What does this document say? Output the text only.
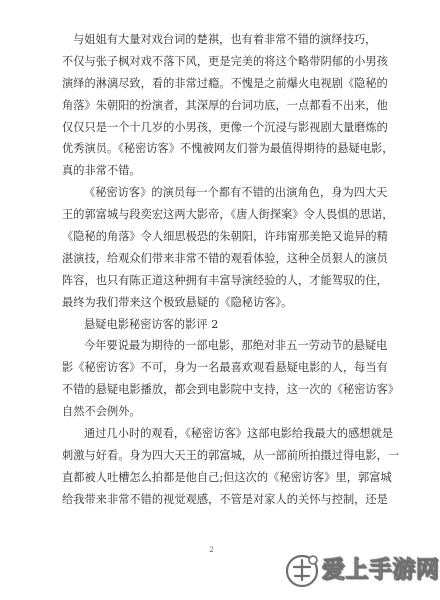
与姐姐有大量对戏台词的楚祺，也有着非常不错的演绎技巧，
不仅与张子枫对戏不落下风，更是完美的将这个略带阴郁的小男孩
演绎的淋漓尽致，看的非常过瘾。不愧是之前爆火电视剧《隐秘的
角落》朱朝阳的扮演者，其深厚的台词功底，一点都看不出来，他
仅仅只是一个十几岁的小男孩，更像一个沉浸与影视剧大量磨炼的
优秀演员。《秘密访客》不愧被网友们誉为最值得期待的悬疑电影，
真的非常不错。
《秘密访客》的演员每一个都有不错的出演角色，身为四大天
王的郭富城与段奕宏这两大影帝，《唐人街探案》令人畏惧的思诺，
《隐秘的角落》令人细思极恐的朱朝阳，许玮甯那美艳又诡异的精
湛演技，给观众们带来非常不错的观看体验，这种全员狠人的演员
阵容，也只有陈正道这种拥有丰富导演经验的人，才能驾驭的住，
最终为我们带来这个极致悬疑的《隐秘访客》。
悬疑电影秘密访客的影评 2
今年要说最为期待的一部电影，那绝对非五一劳动节的悬疑电
影《秘密访客》不可，身为一名最喜欢观看悬疑电影的人，每当有
不错的悬疑电影播放，都会到电影院中支持，这一次的《秘密访客》
自然不会例外。
通过几小时的观看，《秘密访客》这部电影给我最大的感想就是
刺激与好看。身为四大天王的郭富城，从一部前所拍摄过得电影，一
直都被人吐槽怎么拍都是他自己;但这次的《秘密访客》里，郭富城
给我带来非常不错的视觉观感，不管是对家人的关怀与控制，还是
2
爱上手游网
